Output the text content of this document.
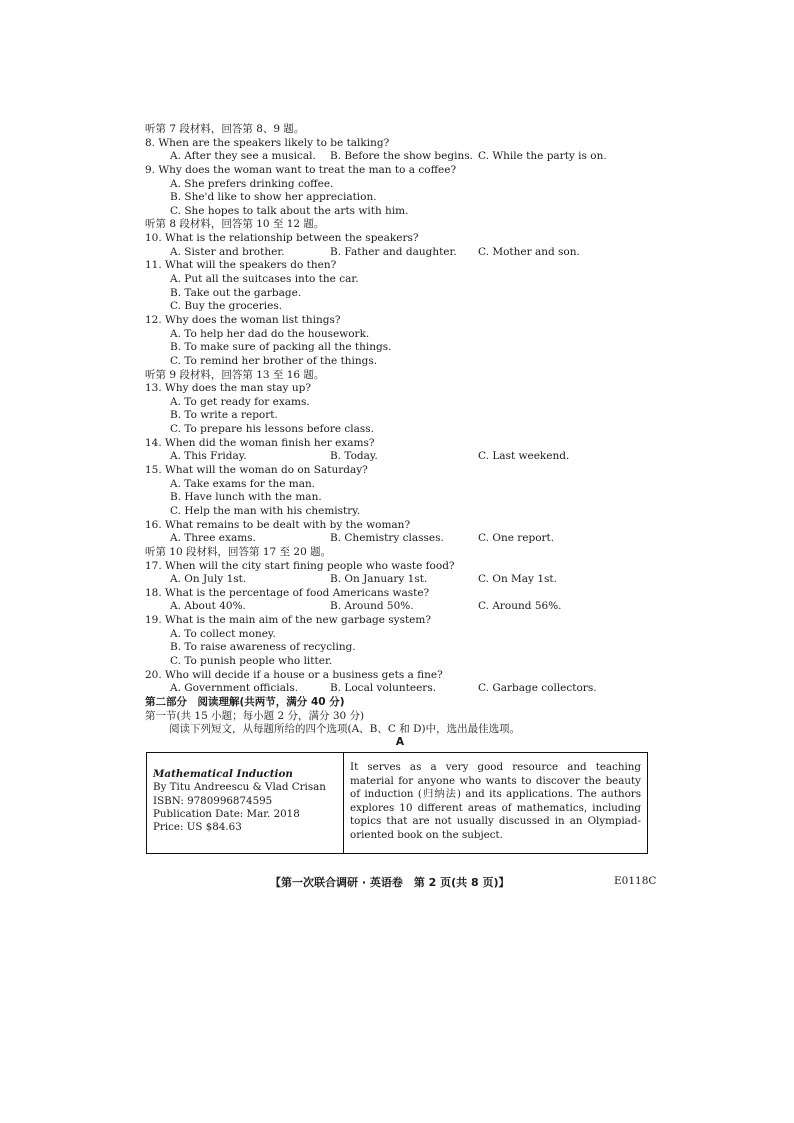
听第 7 段材料，回答第 8、9 题。
8. When are the speakers likely to be talking?
A. After they see a musical. B. Before the show begins. C. While the party is on.
9. Why does the woman want to treat the man to a coffee?
A. She prefers drinking coffee.
B. She'd like to show her appreciation.
C. She hopes to talk about the arts with him.
听第 8 段材料，回答第 10 至 12 题。
10. What is the relationship between the speakers?
A. Sister and brother.	B. Father and daughter. C. Mother and son.
11. What will the speakers do then?
A. Put all the suitcases into the car.
B. Take out the garbage.
C. Buy the groceries.
12. Why does the woman list things?
A. To help her dad do the housework.
B. To make sure of packing all the things.
C. To remind her brother of the things.
听第 9 段材料，回答第 13 至 16 题。
13. Why does the man stay up?
A. To get ready for exams.
B. To write a report.
C. To prepare his lessons before class.
14. When did the woman finish her exams?
A. This Friday.	B. Today.	C. Last weekend.
15. What will the woman do on Saturday?
A. Take exams for the man.
B. Have lunch with the man.
C. Help the man with his chemistry.
16. What remains to be dealt with by the woman?
A. Three exams.	B. Chemistry classes.	C. One report.
听第 10 段材料，回答第 17 至 20 题。
17. When will the city start fining people who waste food?
A. On July 1st.	B. On January 1st.	C. On May 1st.
18. What is the percentage of food Americans waste?
A. About 40%.	B. Around 50%.	C. Around 56%.
19. What is the main aim of the new garbage system?
A. To collect money.
B. To raise awareness of recycling.
C. To punish people who litter.
20. Who will decide if a house or a business gets a fine?
A. Government officials.	B. Local volunteers.	C. Garbage collectors.
第二部分　阅读理解(共两节，满分 40 分)
第一节(共 15 小题；每小题 2 分，满分 30 分)
阅读下列短文，从每题所给的四个选项(A、B、C 和 D)中，选出最佳选项。
A
Mathematical Induction
By Titu Andreescu & Vlad Crisan
ISBN: 9780996874595
Publication Date: Mar. 2018
Price: US $84.63
It serves as a very good resource and teaching material for anyone who wants to discover the beauty of induction (归纳法) and its applications. The authors explores 10 different areas of mathematics, including topics that are not usually discussed in an Olympiad-oriented book on the subject.
【第一次联合调研 · 英语卷　第 2 页(共 8 页)】	E0118C
